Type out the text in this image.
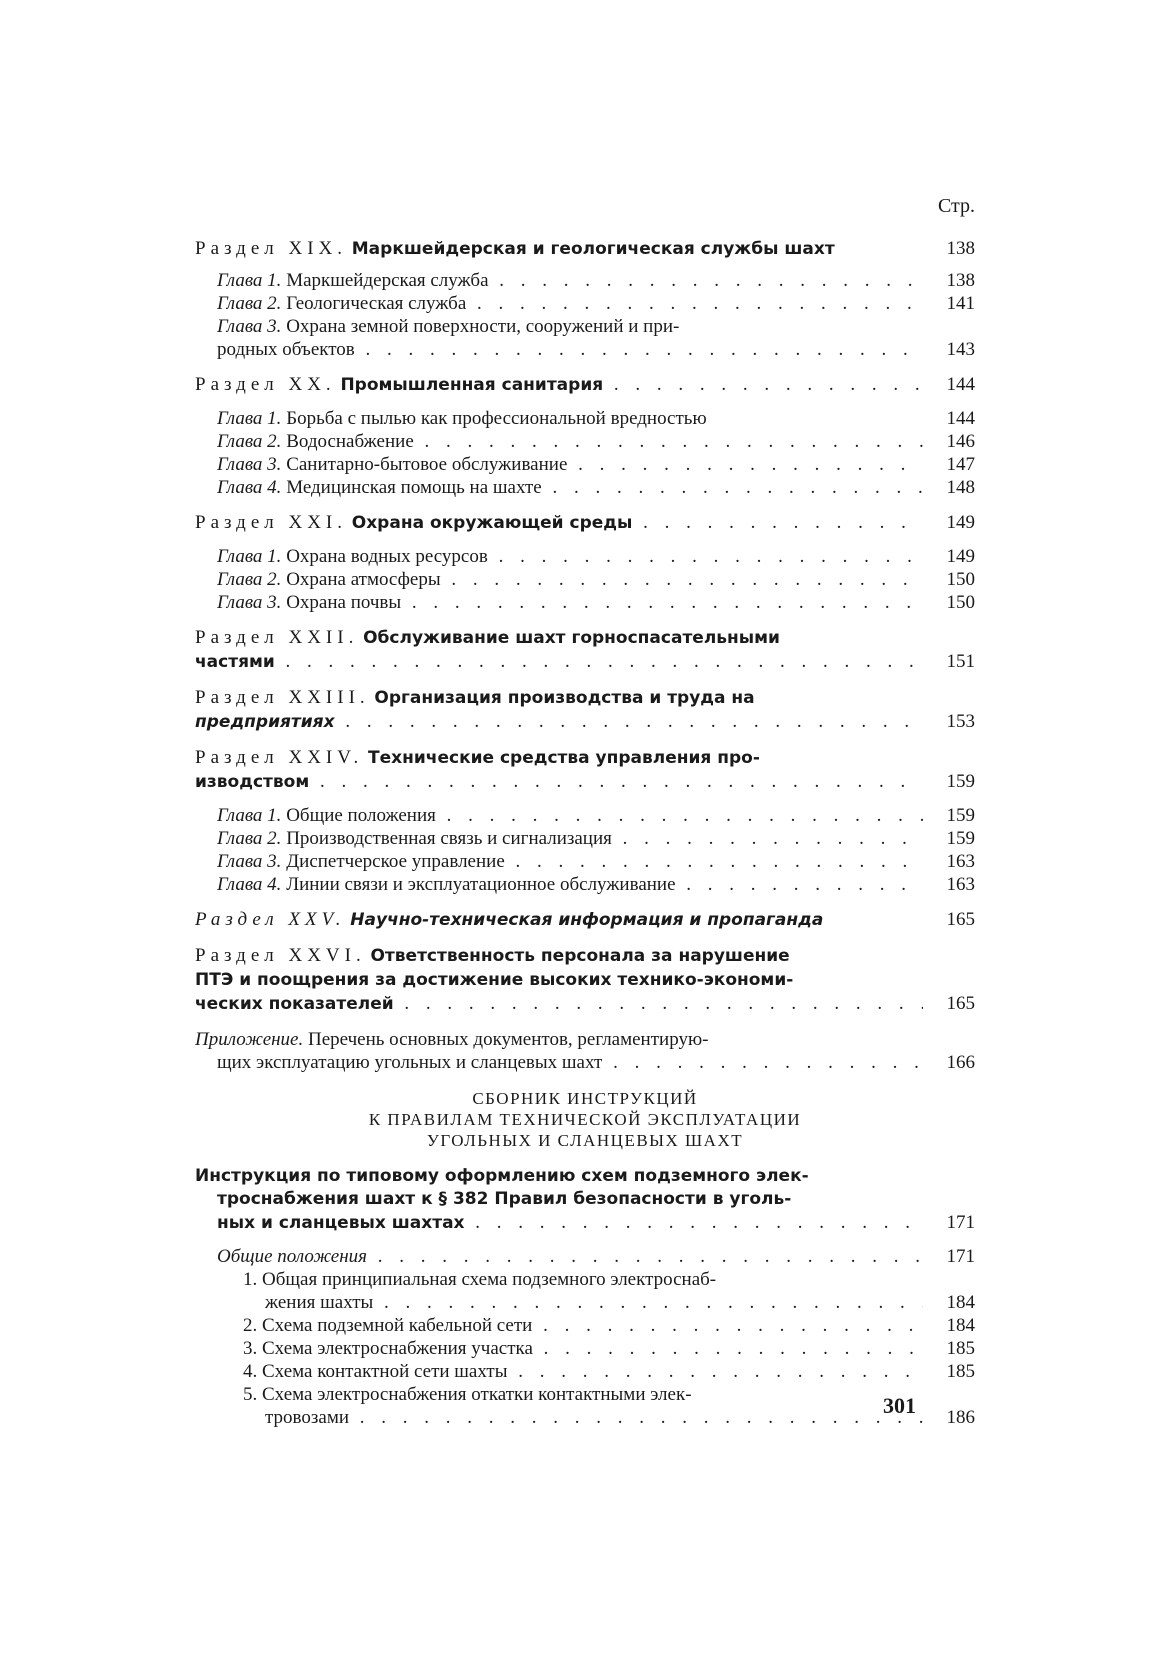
Стр.
Раздел XIX. Маркшейдерская и геологическая службы шахт	138
Глава 1. Маркшейдерская служба . . .	138
Глава 2. Геологическая служба . . .	141
Глава 3. Охрана земной поверхности, сооружений и при-
родных объектов . . .	143
Раздел XX. Промышленная санитария . . .	144
Глава 1. Борьба с пылью как профессиональной вредностью	144
Глава 2. Водоснабжение . . .	146
Глава 3. Санитарно-бытовое обслуживание . . .	147
Глава 4. Медицинская помощь на шахте . . .	148
Раздел XXI. Охрана окружающей среды . . .	149
Глава 1. Охрана водных ресурсов . . .	149
Глава 2. Охрана атмосферы . . .	150
Глава 3. Охрана почвы . . .	150
Раздел XXII. Обслуживание шахт горноспасательными
частями . . .	151
Раздел XXIII. Организация производства и труда на
предприятиях . . .	153
Раздел XXIV. Технические средства управления про-
изводством . . .	159
Глава 1. Общие положения . . .	159
Глава 2. Производственная связь и сигнализация . . .	159
Глава 3. Диспетчерское управление . . .	163
Глава 4. Линии связи и эксплуатационное обслуживание . . .	163
Раздел XXV. Научно-техническая информация и пропаганда	165
Раздел XXVI. Ответственность персонала за нарушение
ПТЭ и поощрения за достижение высоких технико-экономи-
ческих показателей . . .	165
Приложение. Перечень основных документов, регламентирую-
щих эксплуатацию угольных и сланцевых шахт . . .	166
СБОРНИК ИНСТРУКЦИЙ
К ПРАВИЛАМ ТЕХНИЧЕСКОЙ ЭКСПЛУАТАЦИИ
УГОЛЬНЫХ И СЛАНЦЕВЫХ ШАХТ
Инструкция по типовому оформлению схем подземного элек-
троснабжения шахт к § 382 Правил безопасности в уголь-
ных и сланцевых шахтах . . .	171
Общие положения . . .	171
1. Общая принципиальная схема подземного электроснаб-
жения шахты . . .	184
2. Схема подземной кабельной сети . . .	184
3. Схема электроснабжения участка . . .	185
4. Схема контактной сети шахты . . .	185
5. Схема электроснабжения откатки контактными элек-
тровозами . . .	186
301
